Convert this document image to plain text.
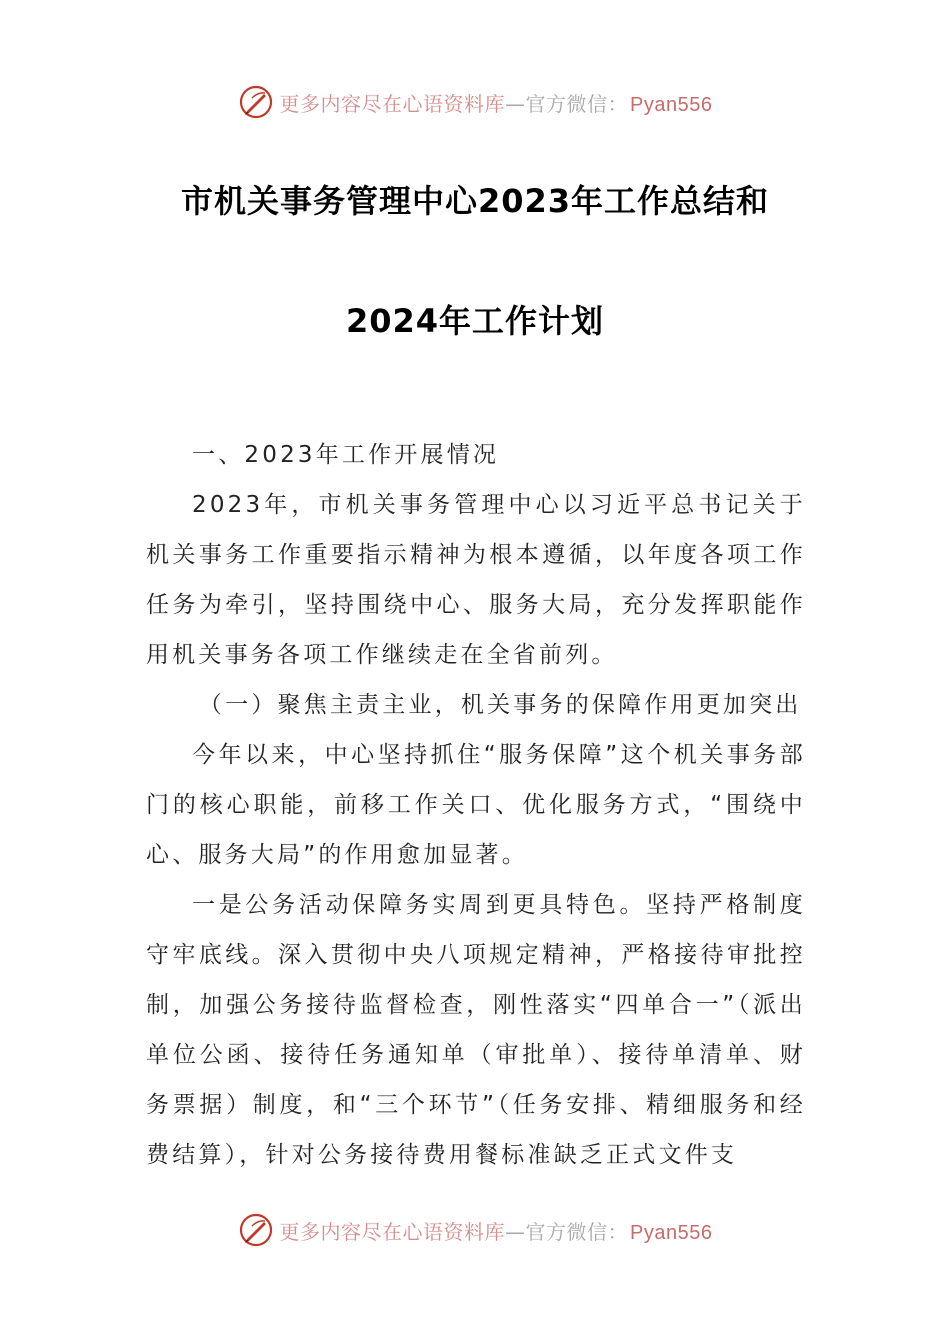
更多内容尽在心语资料库—官方微信： Pyan556
市机关事务管理中心2023年工作总结和
2024年工作计划

一、2023年工作开展情况

2023年，市机关事务管理中心以习近平总书记关于机关事务工作重要指示精神为根本遵循，以年度各项工作任务为牵引，坚持围绕中心、服务大局，充分发挥职能作用机关事务各项工作继续走在全省前列。

（一）聚焦主责主业，机关事务的保障作用更加突出

今年以来，中心坚持抓住“服务保障”这个机关事务部门的核心职能，前移工作关口、优化服务方式，“围绕中心、服务大局”的作用愈加显著。

一是公务活动保障务实周到更具特色。坚持严格制度守牢底线。深入贯彻中央八项规定精神，严格接待审批控制，加强公务接待监督检查，刚性落实“四单合一”（派出单位公函、接待任务通知单（审批单）、接待单清单、财务票据）制度，和“三个环节”（任务安排、精细服务和经费结算），针对公务接待费用餐标准缺乏正式文件支

更多内容尽在心语资料库—官方微信： Pyan556
